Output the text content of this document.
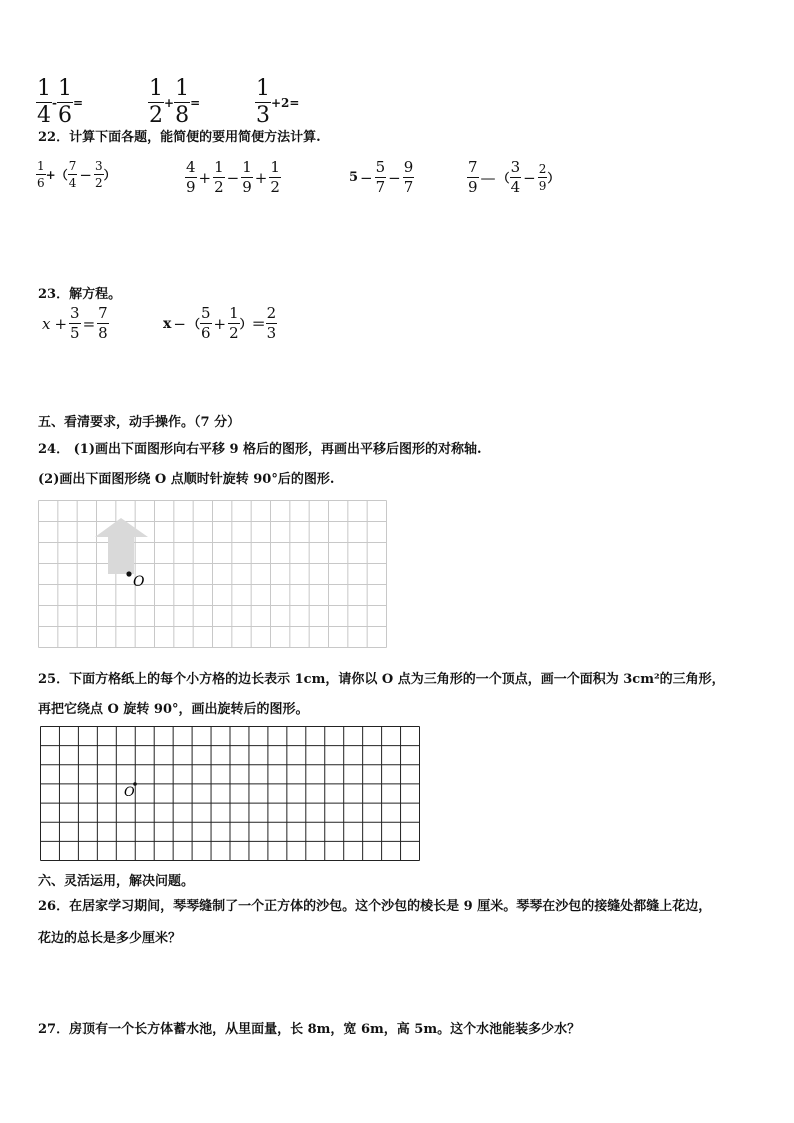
$\frac{1}{4} - \frac{1}{6}$ =	$\frac{1}{2} + \frac{1}{8} = \frac{1}{3} +2=$
22．计算下面各题，能简便的要用简便方法计算.
$\frac{1}{6}$ + （ $\frac{7}{4} - \frac{3}{2}$ ）	$\frac{4}{9} + \frac{1}{2} - \frac{1}{9} + \frac{1}{2}$	$5 - \frac{5}{7} - \frac{9}{7}$	$\frac{7}{9}$ — （ $\frac{3}{4} - \frac{2}{9}$ ）
23．解方程。
$x + \frac{3}{5} = \frac{7}{8}$	x − （ $\frac{5}{6} + \frac{1}{2}$ ） ＝ $\frac{2}{3}$
五、看清要求，动手操作。（7 分）
24． (1)画出下面图形向右平移 9 格后的图形，再画出平移后图形的对称轴.
(2)画出下面图形绕 O 点顺时针旋转 90°后的图形.
O
25．下面方格纸上的每个小方格的边长表示 1cm，请你以 O 点为三角形的一个顶点，画一个面积为 3cm²的三角形，
再把它绕点 O 旋转 90°，画出旋转后的图形。
O
六、灵活运用，解决问题。
26．在居家学习期间，琴琴缝制了一个正方体的沙包。这个沙包的棱长是 9 厘米。琴琴在沙包的接缝处都缝上花边，
花边的总长是多少厘米？
27．房顶有一个长方体蓄水池，从里面量，长 8m，宽 6m，高 5m。这个水池能装多少水？
